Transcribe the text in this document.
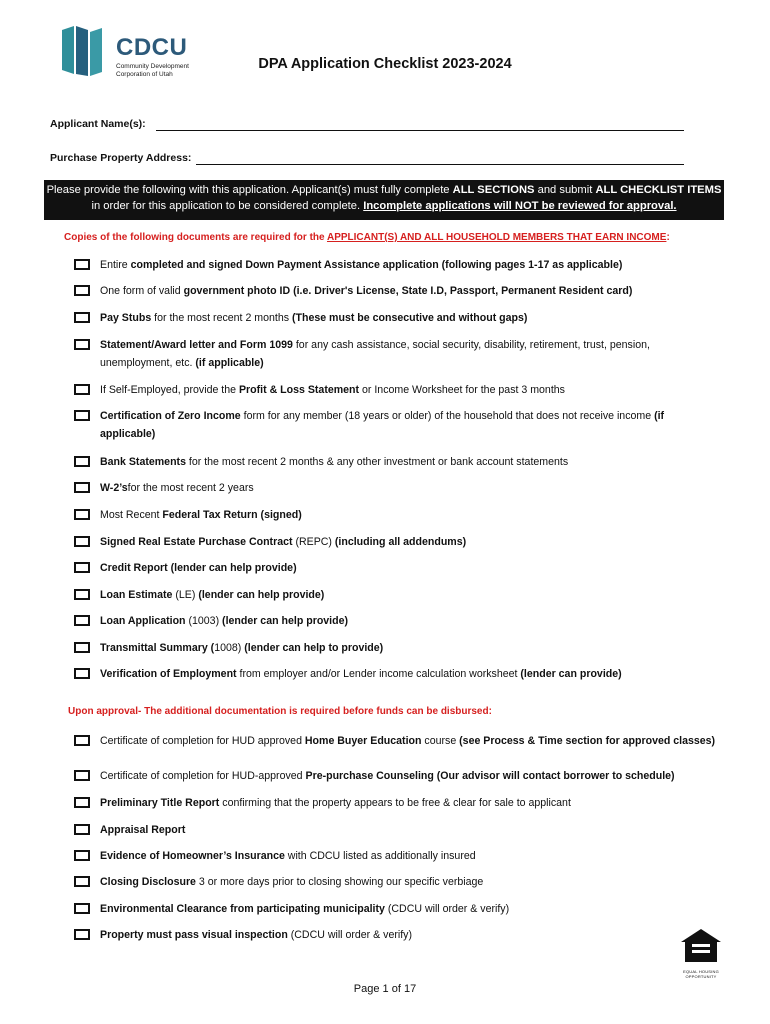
CDCU
Community Development
Corporation of Utah
DPA Application Checklist 2023-2024
Applicant Name(s):
Purchase Property Address:
Please provide the following with this application. Applicant(s) must fully complete ALL SECTIONS and submit ALL CHECKLIST ITEMS in order for this application to be considered complete. Incomplete applications will NOT be reviewed for approval.
Copies of the following documents are required for the APPLICANT(S) AND ALL HOUSEHOLD MEMBERS THAT EARN INCOME:
Entire completed and signed Down Payment Assistance application (following pages 1-17 as applicable)
One form of valid government photo ID (i.e. Driver's License, State I.D, Passport, Permanent Resident card)
Pay Stubs for the most recent 2 months (These must be consecutive and without gaps)
Statement/Award letter and Form 1099 for any cash assistance, social security, disability, retirement, trust, pension, unemployment, etc. (if applicable)
If Self-Employed, provide the Profit & Loss Statement or Income Worksheet for the past 3 months
Certification of Zero Income form for any member (18 years or older) of the household that does not receive income (if applicable)
Bank Statements for the most recent 2 months & any other investment or bank account statements
W-2’sfor the most recent 2 years
Most Recent Federal Tax Return (signed)
Signed Real Estate Purchase Contract (REPC) (including all addendums)
Credit Report (lender can help provide)
Loan Estimate (LE) (lender can help provide)
Loan Application (1003) (lender can help provide)
Transmittal Summary (1008) (lender can help to provide)
Verification of Employment from employer and/or Lender income calculation worksheet (lender can provide)
Upon approval- The additional documentation is required before funds can be disbursed:
Certificate of completion for HUD approved Home Buyer Education course (see Process & Time section for approved classes)
Certificate of completion for HUD-approved Pre-purchase Counseling (Our advisor will contact borrower to schedule)
Preliminary Title Report confirming that the property appears to be free & clear for sale to applicant
Appraisal Report
Evidence of Homeowner’s Insurance with CDCU listed as additionally insured
Closing Disclosure 3 or more days prior to closing showing our specific verbiage
Environmental Clearance from participating municipality (CDCU will order & verify)
Property must pass visual inspection (CDCU will order & verify)
EQUAL HOUSING OPPORTUNITY
Page 1 of 17
